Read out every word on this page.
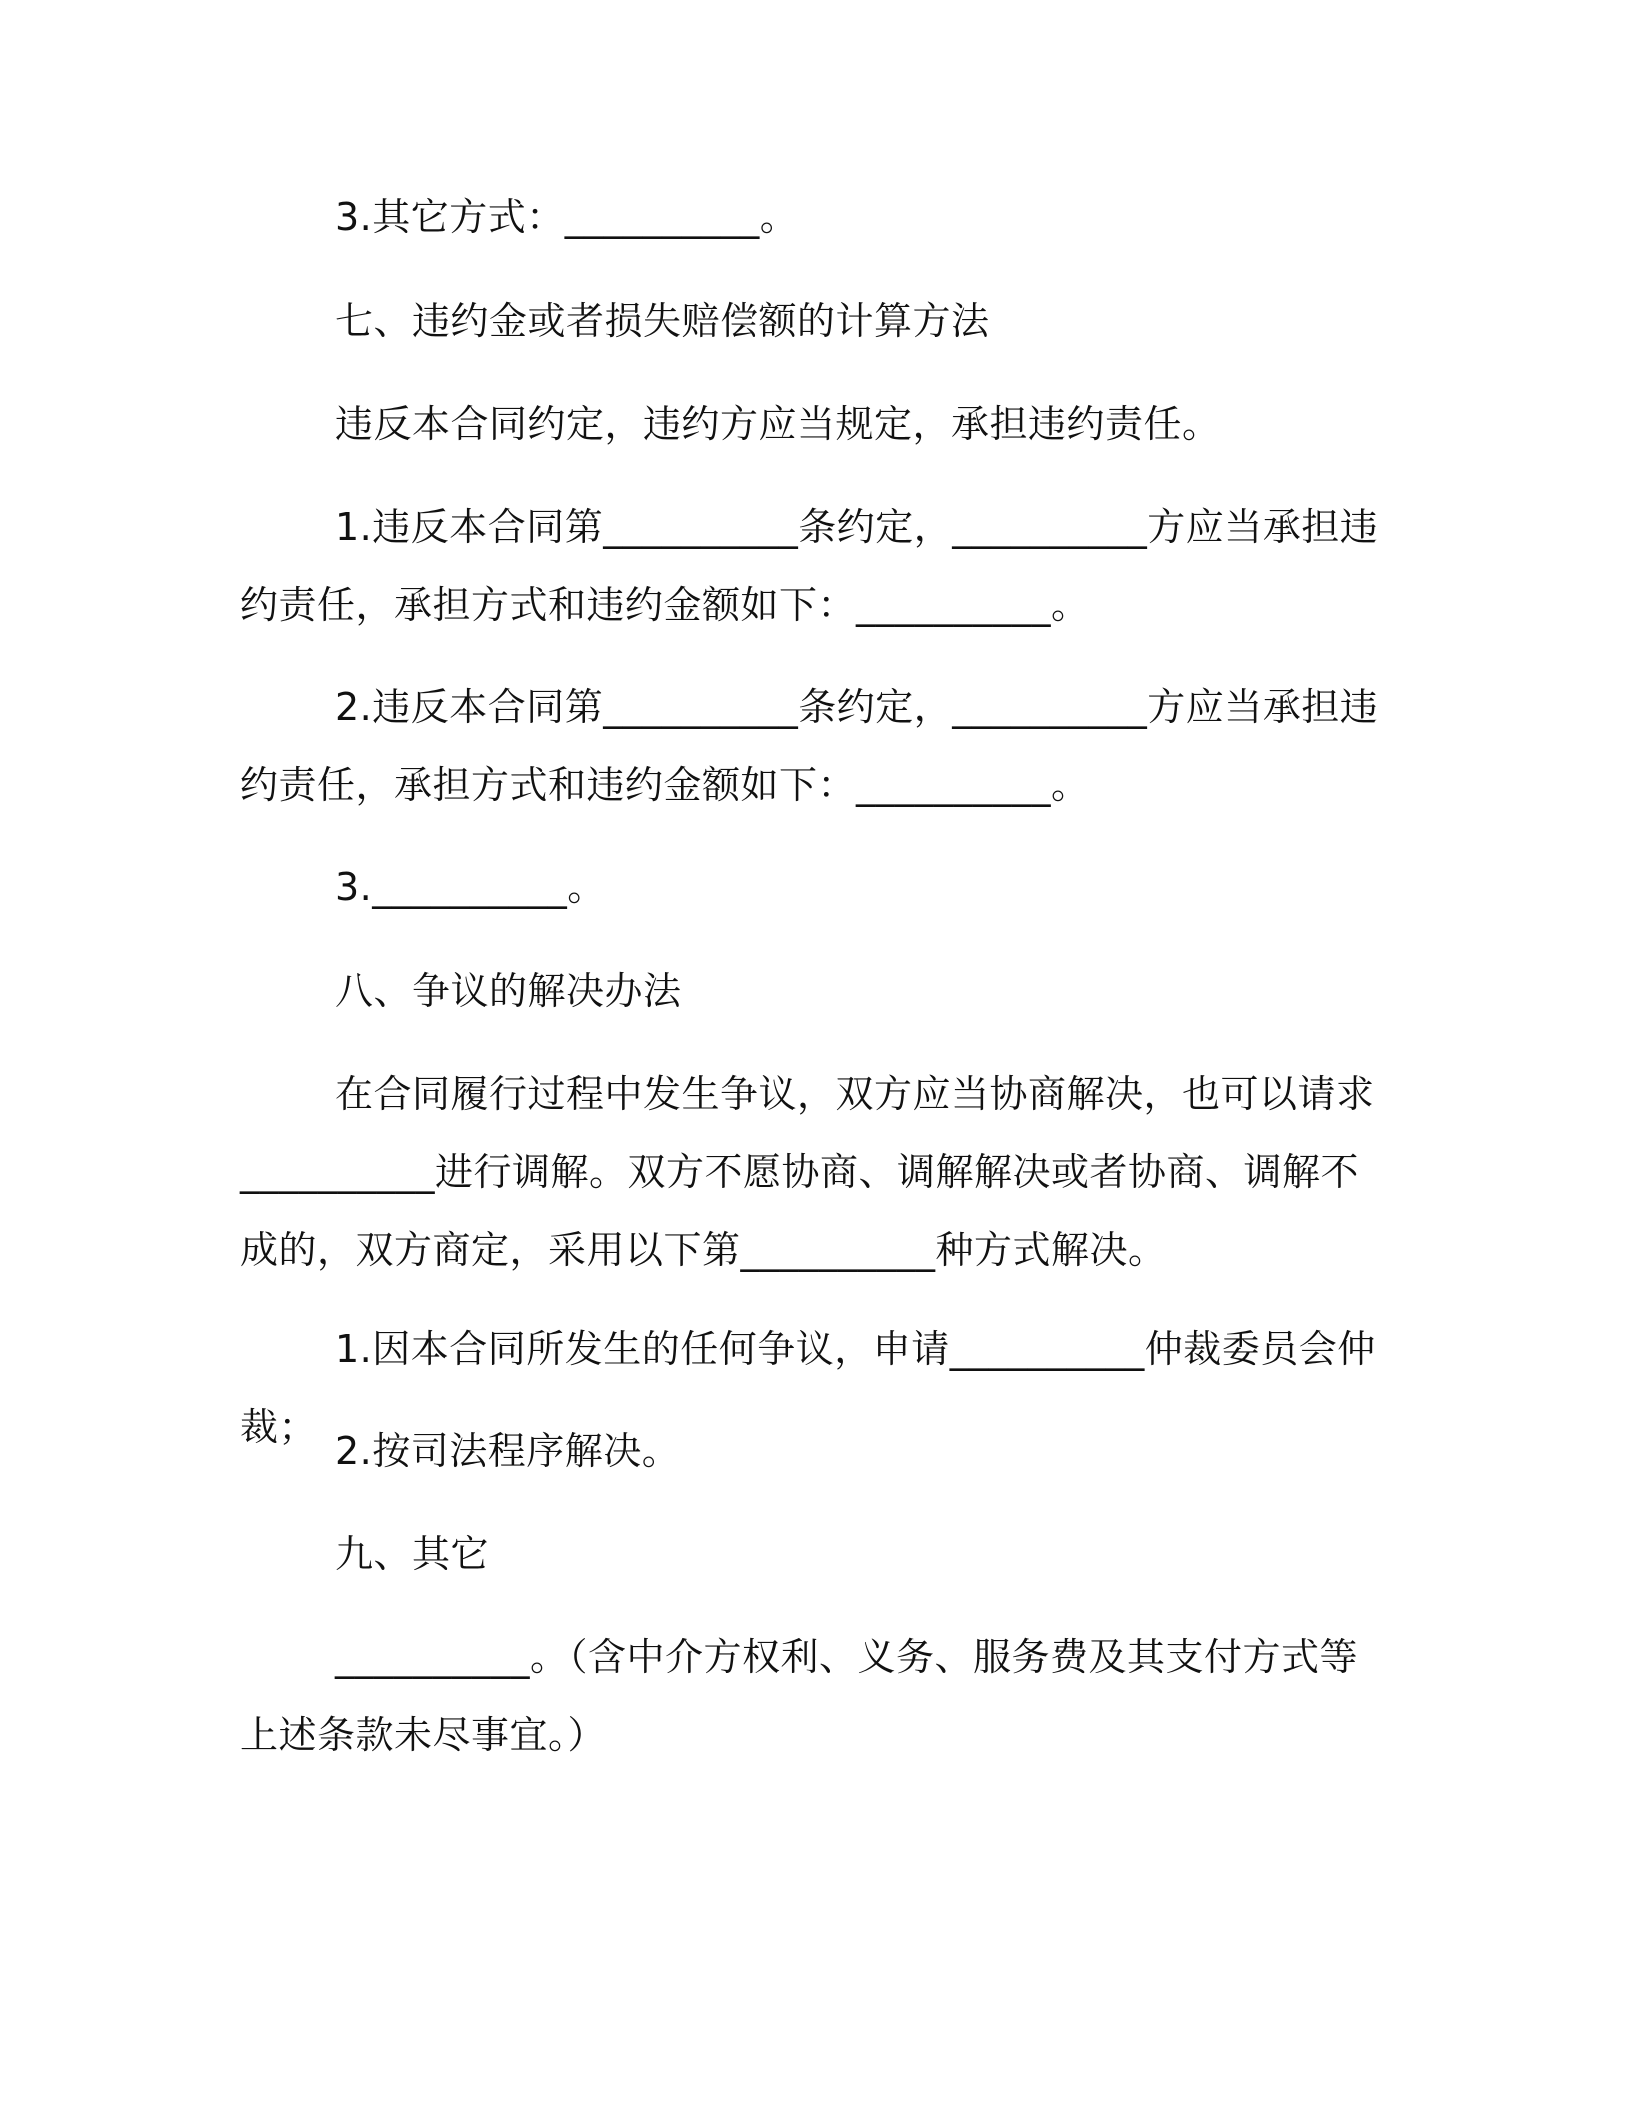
3.其它方式：__________。

七、违约金或者损失赔偿额的计算方法

违反本合同约定，违约方应当规定，承担违约责任。

1.违反本合同第__________条约定，__________方应当承担违约责任，承担方式和违约金额如下：__________。

2.违反本合同第__________条约定，__________方应当承担违约责任，承担方式和违约金额如下：__________。

3.__________。

八、争议的解决办法

在合同履行过程中发生争议，双方应当协商解决，也可以请求__________进行调解。双方不愿协商、调解解决或者协商、调解不成的，双方商定，采用以下第__________种方式解决。

1.因本合同所发生的任何争议，申请__________仲裁委员会仲裁；

2.按司法程序解决。

九、其它

__________。（含中介方权利、义务、服务费及其支付方式等上述条款未尽事宜。）
